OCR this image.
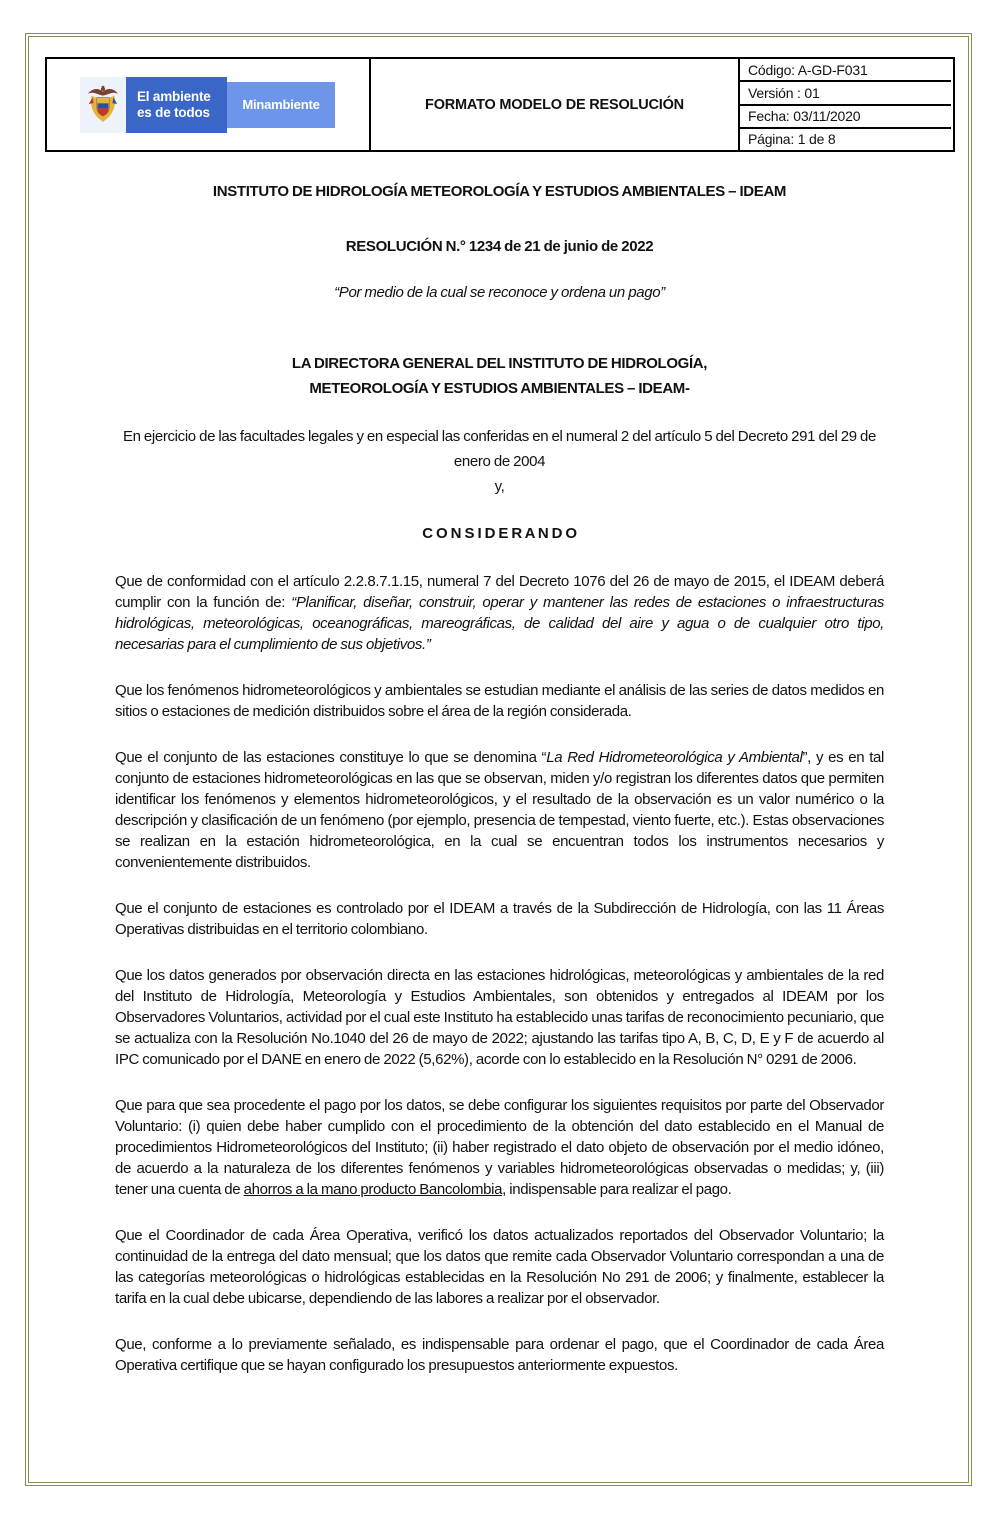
El ambiente
es de todos	Minambiente	FORMATO MODELO DE RESOLUCIÓN
Código: A-GD-F031
Versión : 01
Fecha: 03/11/2020
Página: 1 de 8
INSTITUTO DE HIDROLOGÍA METEOROLOGÍA Y ESTUDIOS AMBIENTALES – IDEAM
RESOLUCIÓN N.° 1234 de 21 de junio de 2022
“Por medio de la cual se reconoce y ordena un pago”
LA DIRECTORA GENERAL DEL INSTITUTO DE HIDROLOGÍA,
METEOROLOGÍA Y ESTUDIOS AMBIENTALES – IDEAM-
En ejercicio de las facultades legales y en especial las conferidas en el numeral 2 del artículo 5 del Decreto 291 del 29 de enero de 2004
y,
C O N S I D E R A N D O

Que de conformidad con el artículo 2.2.8.7.1.15, numeral 7 del Decreto 1076 del 26 de mayo de 2015, el IDEAM deberá cumplir con la función de: “Planificar, diseñar, construir, operar y mantener las redes de estaciones o infraestructuras hidrológicas, meteorológicas, oceanográficas, mareográficas, de calidad del aire y agua o de cualquier otro tipo, necesarias para el cumplimiento de sus objetivos.”

Que los fenómenos hidrometeorológicos y ambientales se estudian mediante el análisis de las series de datos medidos en sitios o estaciones de medición distribuidos sobre el área de la región considerada.

Que el conjunto de las estaciones constituye lo que se denomina “La Red Hidrometeorológica y Ambiental”, y es en tal conjunto de estaciones hidrometeorológicas en las que se observan, miden y/o registran los diferentes datos que permiten identificar los fenómenos y elementos hidrometeorológicos, y el resultado de la observación es un valor numérico o la descripción y clasificación de un fenómeno (por ejemplo, presencia de tempestad, viento fuerte, etc.). Estas observaciones se realizan en la estación hidrometeorológica, en la cual se encuentran todos los instrumentos necesarios y convenientemente distribuidos.

Que el conjunto de estaciones es controlado por el IDEAM a través de la Subdirección de Hidrología, con las 11 Áreas Operativas distribuidas en el territorio colombiano.

Que los datos generados por observación directa en las estaciones hidrológicas, meteorológicas y ambientales de la red del Instituto de Hidrología, Meteorología y Estudios Ambientales, son obtenidos y entregados al IDEAM por los Observadores Voluntarios, actividad por el cual este Instituto ha establecido unas tarifas de reconocimiento pecuniario, que se actualiza con la Resolución No.1040 del 26 de mayo de 2022; ajustando las tarifas tipo A, B, C, D, E y F de acuerdo al IPC comunicado por el DANE en enero de 2022 (5,62%), acorde con lo establecido en la Resolución N° 0291 de 2006.

Que para que sea procedente el pago por los datos, se debe configurar los siguientes requisitos por parte del Observador Voluntario: (i) quien debe haber cumplido con el procedimiento de la obtención del dato establecido en el Manual de procedimientos Hidrometeorológicos del Instituto; (ii) haber registrado el dato objeto de observación por el medio idóneo, de acuerdo a la naturaleza de los diferentes fenómenos y variables hidrometeorológicas observadas o medidas; y, (iii) tener una cuenta de ahorros a la mano producto Bancolombia, indispensable para realizar el pago.

Que el Coordinador de cada Área Operativa, verificó los datos actualizados reportados del Observador Voluntario; la continuidad de la entrega del dato mensual; que los datos que remite cada Observador Voluntario correspondan a una de las categorías meteorológicas o hidrológicas establecidas en la Resolución No 291 de 2006; y finalmente, establecer la tarifa en la cual debe ubicarse, dependiendo de las labores a realizar por el observador.

Que, conforme a lo previamente señalado, es indispensable para ordenar el pago, que el Coordinador de cada Área Operativa certifique que se hayan configurado los presupuestos anteriormente expuestos.
